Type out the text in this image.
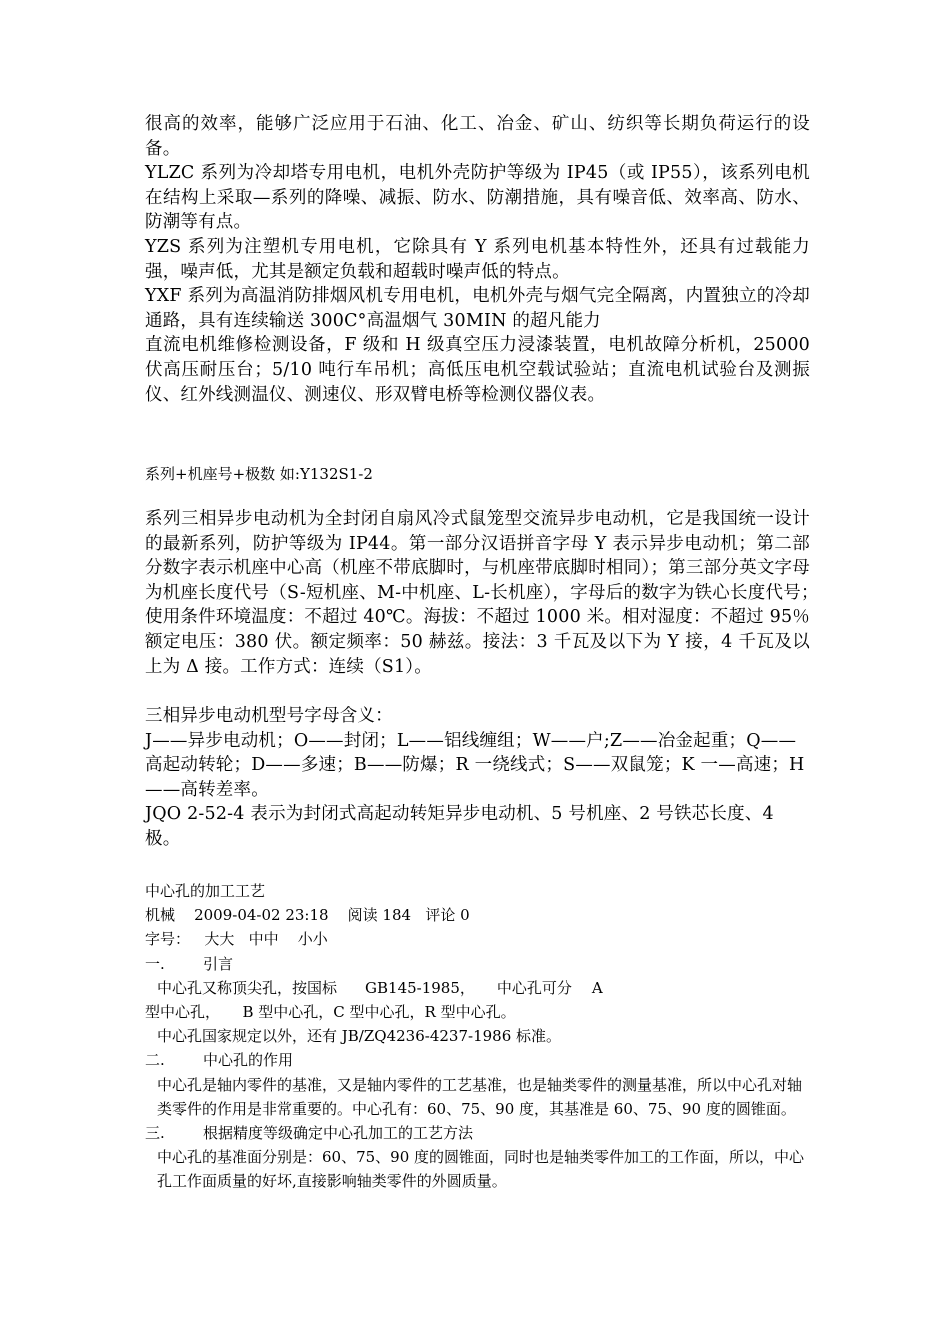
很高的效率，能够广泛应用于石油、化工、冶金、矿山、纺织等长期负荷运行的设备。

YLZC 系列为冷却塔专用电机，电机外壳防护等级为 IP45（或 IP55），该系列电机在结构上采取—系列的降噪、减振、防水、防潮措施，具有噪音低、效率高、防水、防潮等有点。

YZS 系列为注塑机专用电机，它除具有 Y 系列电机基本特性外，还具有过载能力强，噪声低，尤其是额定负载和超载时噪声低的特点。

YXF 系列为高温消防排烟风机专用电机，电机外壳与烟气完全隔离，内置独立的冷却通路，具有连续输送 300C°高温烟气 30MIN 的超凡能力

直流电机维修检测设备，F 级和 H 级真空压力浸漆装置，电机故障分析机，25000 伏高压耐压台；5/10 吨行车吊机；高低压电机空载试验站；直流电机试验台及测振仪、红外线测温仪、测速仪、形双臂电桥等检测仪器仪表。

系列+机座号+极数 如:Y132S1-2

系列三相异步电动机为全封闭自扇风冷式鼠笼型交流异步电动机，它是我国统一设计的最新系列，防护等级为 IP44。第一部分汉语拼音字母 Y 表示异步电动机；第二部分数字表示机座中心高（机座不带底脚时，与机座带底脚时相同）；第三部分英文字母为机座长度代号（S-短机座、M-中机座、L-长机座），字母后的数字为铁心长度代号；　使用条件环境温度：不超过 40℃。海拔：不超过 1000 米。相对湿度：不超过 95％额定电压：380 伏。额定频率：50 赫兹。接法：3 千瓦及以下为 Y 接，4 千瓦及以上为 Δ 接。工作方式：连续（S1）。

三相异步电动机型号字母含义：

J——异步电动机；O——封闭；L——铝线缠组；W——户;Z——冶金起重；Q——高起动转轮；D——多速；B——防爆；R 一绕线式；S——双鼠笼；K 一—高速；H——高转差率。

JQO 2-52-4 表示为封闭式高起动转矩异步电动机、5 号机座、2 号铁芯长度、4 极。

中心孔的加工工艺

机械 2009-04-02 23:18 阅读 184 评论 0

字号： 大大 中中 小小

一.	引言

中心孔又称顶尖孔，按国标 GB145-1985， 中心孔可分 A

型中心孔，　　B 型中心孔，C 型中心孔，R 型中心孔。

中心孔国家规定以外，还有 JB/ZQ4236-4237-1986 标准。

二.	中心孔的作用

中心孔是轴内零件的基准，又是轴内零件的工艺基准，也是轴类零件的测量基准，所以中心孔对轴类零件的作用是非常重要的。中心孔有：60、75、90 度，其基准是 60、75、90 度的圆锥面。

三.	根据精度等级确定中心孔加工的工艺方法

中心孔的基准面分别是：60、75、90 度的圆锥面，同时也是轴类零件加工的工作面，所以，中心孔工作面质量的好坏,直接影响轴类零件的外圆质量。
